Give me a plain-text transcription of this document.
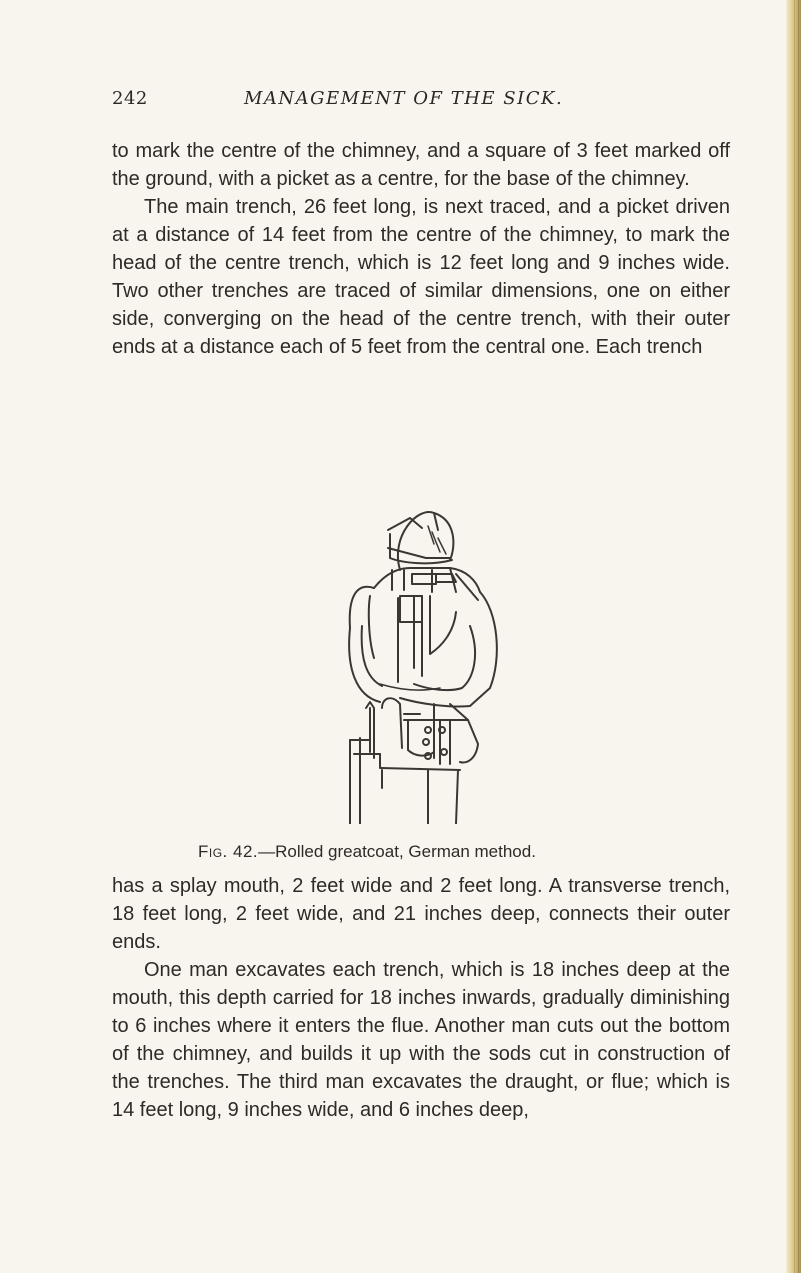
242	MANAGEMENT OF THE SICK.

to mark the centre of the chimney, and a square of 3 feet marked off the ground, with a picket as a centre, for the base of the chimney.

The main trench, 26 feet long, is next traced, and a picket driven at a distance of 14 feet from the centre of the chimney, to mark the head of the centre trench, which is 12 feet long and 9 inches wide. Two other trenches are traced of similar dimensions, one on either side, converging on the head of the centre trench, with their outer ends at a distance each of 5 feet from the central one. Each trench

Fig. 42.—Rolled greatcoat, German method.

has a splay mouth, 2 feet wide and 2 feet long. A transverse trench, 18 feet long, 2 feet wide, and 21 inches deep, connects their outer ends.

One man excavates each trench, which is 18 inches deep at the mouth, this depth carried for 18 inches inwards, gradually diminishing to 6 inches where it enters the flue. Another man cuts out the bottom of the chimney, and builds it up with the sods cut in construction of the trenches. The third man excavates the draught, or flue; which is 14 feet long, 9 inches wide, and 6 inches deep,
